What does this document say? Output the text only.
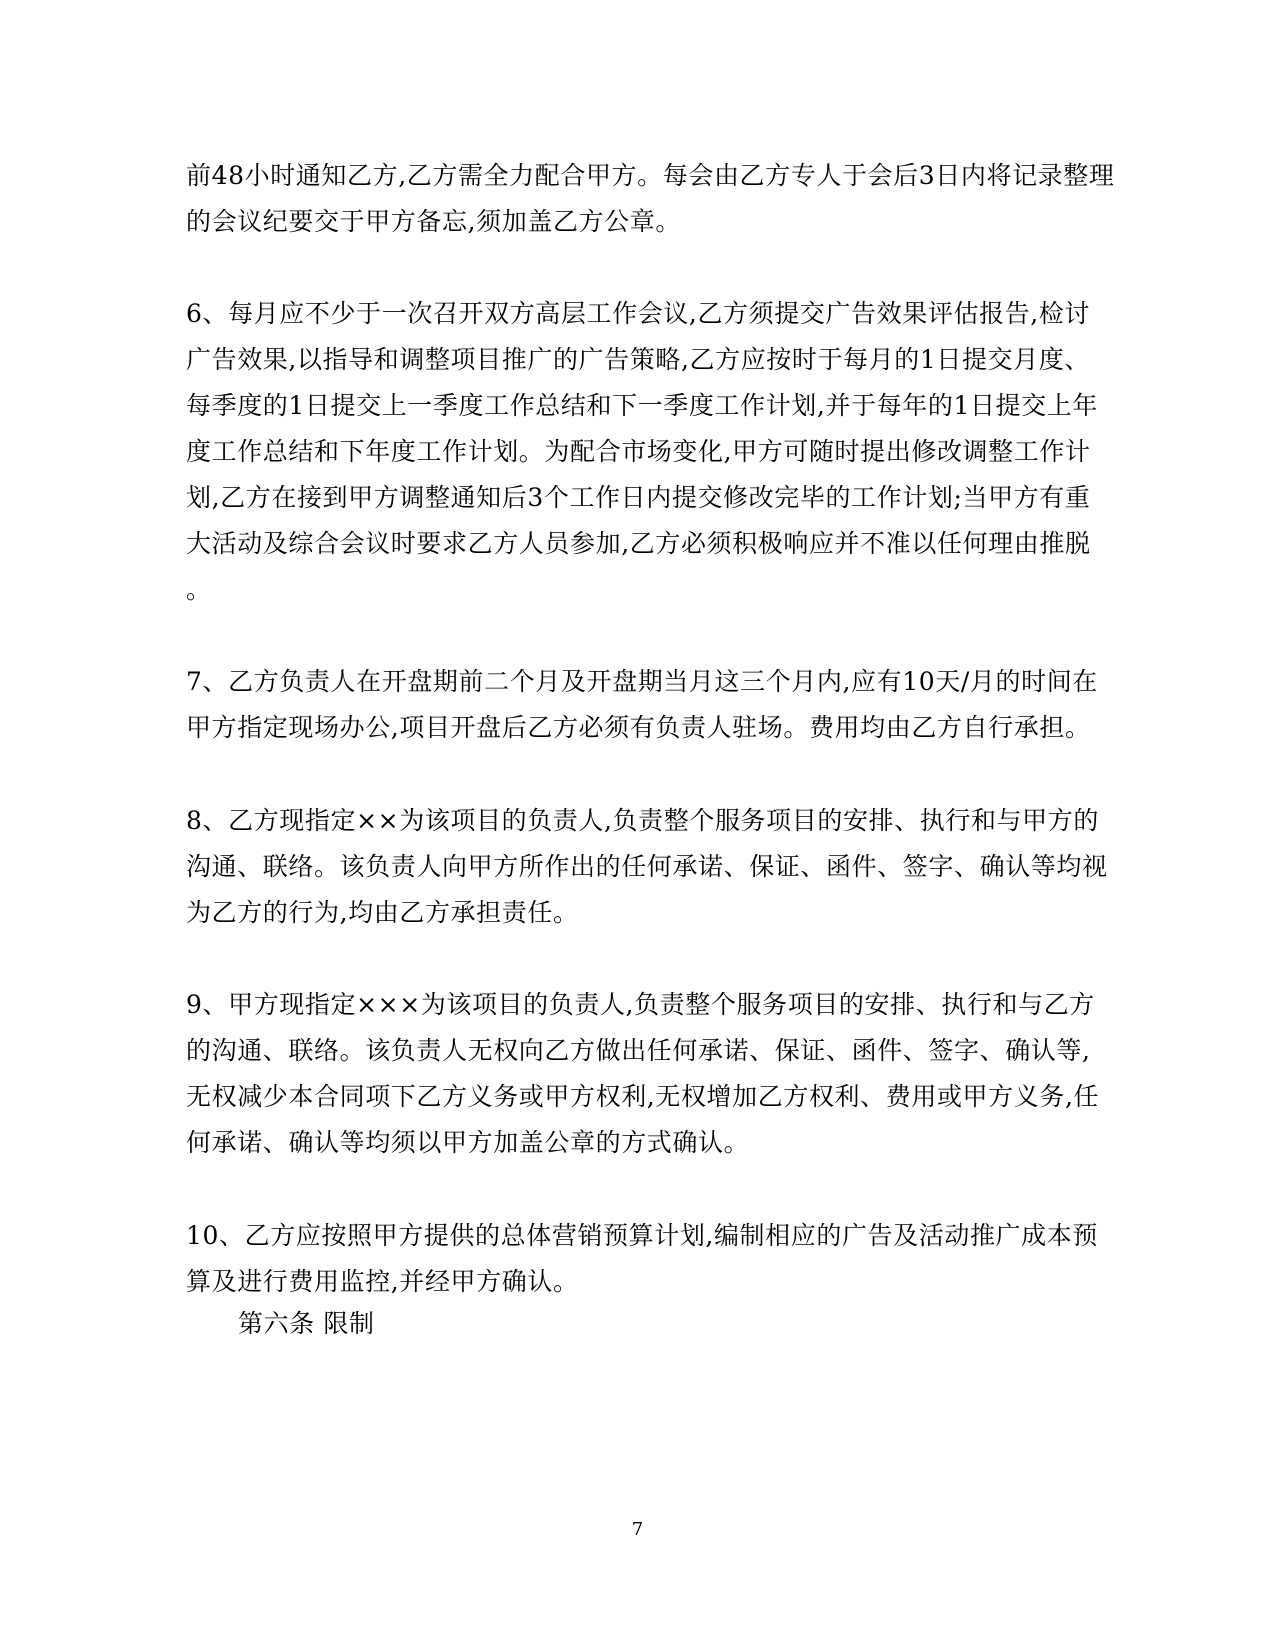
前48小时通知乙方,乙方需全力配合甲方。每会由乙方专人于会后3日内将记录整理
的会议纪要交于甲方备忘,须加盖乙方公章。
6、每月应不少于一次召开双方高层工作会议,乙方须提交广告效果评估报告,检讨
广告效果,以指导和调整项目推广的广告策略,乙方应按时于每月的1日提交月度、
每季度的1日提交上一季度工作总结和下一季度工作计划,并于每年的1日提交上年
度工作总结和下年度工作计划。为配合市场变化,甲方可随时提出修改调整工作计
划,乙方在接到甲方调整通知后3个工作日内提交修改完毕的工作计划;当甲方有重
大活动及综合会议时要求乙方人员参加,乙方必须积极响应并不准以任何理由推脱
。
7、乙方负责人在开盘期前二个月及开盘期当月这三个月内,应有10天/月的时间在
甲方指定现场办公,项目开盘后乙方必须有负责人驻场。费用均由乙方自行承担。
8、乙方现指定××为该项目的负责人,负责整个服务项目的安排、执行和与甲方的
沟通、联络。该负责人向甲方所作出的任何承诺、保证、函件、签字、确认等均视
为乙方的行为,均由乙方承担责任。
9、甲方现指定×××为该项目的负责人,负责整个服务项目的安排、执行和与乙方
的沟通、联络。该负责人无权向乙方做出任何承诺、保证、函件、签字、确认等,
无权减少本合同项下乙方义务或甲方权利,无权增加乙方权利、费用或甲方义务,任
何承诺、确认等均须以甲方加盖公章的方式确认。
10、乙方应按照甲方提供的总体营销预算计划,编制相应的广告及活动推广成本预
算及进行费用监控,并经甲方确认。
第六条 限制
7
